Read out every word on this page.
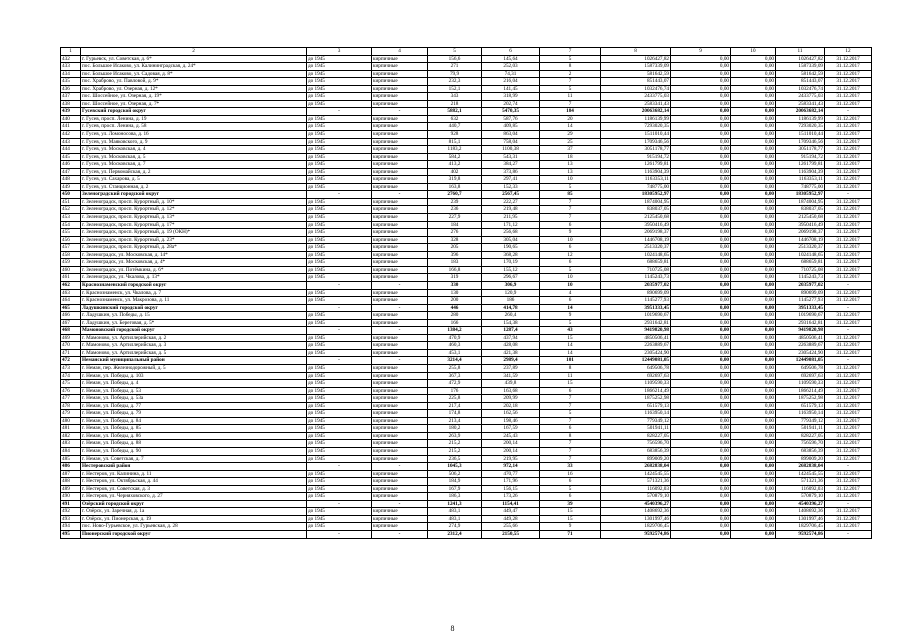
1	2	3	4	5	6	7	8	9	10	11	12
432	г. Гурьевск, ул. Советская, д. 6*	до 1945	кирпичные	156,6	145,64	5	1026427,82	0,00	0,00	1026427,82	31.12.2017
433	пос. Большое Исаково, ул. Калининградская, д. 24*	до 1945	кирпичные	271	252,03	8	1587339,09	0,00	0,00	1587339,09	31.12.2017
434	пос. Большое Исаково, ул. Садовая, д. 8*	до 1945	кирпичные	79,9	74,31	2	581642,59	0,00	0,00	581642,59	31.12.2017
435	пос. Храброво, ул. Павловой, д. 9*	до 1945	кирпичные	232,3	216,04	7	851443,07	0,00	0,00	851443,07	31.12.2017
436	пос. Храброво, ул. Озерная, д. 12*	до 1945	кирпичные	152,1	141,45	5	1032476,74	0,00	0,00	1032476,74	31.12.2017
437	пос. Шоссейное, ул. Озерная, д. 19*	до 1945	кирпичные	343	318,99	11	2433775,03	0,00	0,00	2433775,03	31.12.2017
438	пос. Шоссейное, ул. Озерная, д. 7*	до 1945	кирпичные	218	202,74	7	2583341,43	0,00	0,00	2583341,43	31.12.2017
439	Гусевский городской округ	-	-	5882,1	5470,35	184	20063682,14	0,00	0,00	20063682,14	-
440	г. Гусев, просп. Ленина, д. 19	до 1945	кирпичные	632	587,76	20	1186139,99	0,00	0,00	1186139,99	31.12.2017
441	г. Гусев, просп. Ленина, д. 58	до 1945	кирпичные	440,7	409,85	14	7293020,35	0,00	0,00	7293020,35	31.12.2017
442	г. Гусев, ул. Ломоносова, д. 16	до 1945	кирпичные	928	863,04	29	1511010,44	0,00	0,00	1511010,44	31.12.2017
443	г. Гусев, ул. Маяковского, д. 9	до 1945	кирпичные	815,1	758,04	25	1709346,56	0,00	0,00	1709346,56	31.12.2017
444	г. Гусев, ул. Московская, д. 4	до 1945	кирпичные	1183,2	1100,38	37	3051178,77	0,00	0,00	3051178,77	31.12.2017
445	г. Гусев, ул. Московская, д. 5	до 1945	кирпичные	584,2	543,31	18	915194,72	0,00	0,00	915194,72	31.12.2017
446	г. Гусев, ул. Московская, д. 7	до 1945	кирпичные	413,2	384,27	13	1261799,81	0,00	0,00	1261799,81	31.12.2017
447	г. Гусев, ул. Первомайская, д. 2	до 1945	кирпичные	402	373,86	13	1163904,39	0,00	0,00	1163904,39	31.12.2017
448	г. Гусев, ул. Сахарова, д. 5	до 1945	кирпичные	319,8	297,41	10	1163353,11	0,00	0,00	1163353,11	31.12.2017
449	г. Гусев, ул. Станционная, д. 2	до 1945	кирпичные	163,8	152,33	5	748775,00	0,00	0,00	748775,00	31.12.2017
450	Зеленоградский городской округ	-	-	2760,7	2567,45	85	18305952,97	0,00	0,00	18305952,97	-
451	г. Зеленоградск, просп. Курортный, д. 10*	до 1945	кирпичные	239	222,27	7	1874004,95	0,00	0,00	1874004,95	31.12.2017
452	г. Зеленоградск, просп. Курортный, д. 12*	до 1945	кирпичные	236	219,48	7	838037,05	0,00	0,00	838037,05	31.12.2017
453	г. Зеленоградск, просп. Курортный, д. 13*	до 1945	кирпичные	227,9	211,95	7	2125450,68	0,00	0,00	2125450,68	31.12.2017
454	г. Зеленоградск, просп. Курортный, д. 17*	до 1945	кирпичные	184	171,12	6	3950416,49	0,00	0,00	3950416,49	31.12.2017
455	г. Зеленоградск, просп. Курортный, д. 19 (ОКН)*	до 1945	кирпичные	276	256,68	9	2069198,37	0,00	0,00	2069198,37	31.12.2017
456	г. Зеленоградск, просп. Курортный, д. 23*	до 1945	кирпичные	328	305,04	10	1446708,19	0,00	0,00	1446708,19	31.12.2017
457	г. Зеленоградск, просп. Курортный, д. 28а*	до 1945	кирпичные	205	190,65	6	2513320,37	0,00	0,00	2513320,37	31.12.2017
458	г. Зеленоградск, ул. Московская, д. 14*	до 1945	кирпичные	396	368,28	12	1024148,65	0,00	0,00	1024148,65	31.12.2017
459	г. Зеленоградск, ул. Московская, д. 4*	до 1945	кирпичные	183	170,19	6	688659,81	0,00	0,00	688659,81	31.12.2017
460	г. Зеленоградск, ул. Потёмкина, д. 6*	до 1945	кирпичные	166,8	155,12	5	710725,08	0,00	0,00	710725,08	31.12.2017
461	г. Зеленоградск, ул. Чкалова, д. 13*	до 1945	кирпичные	319	296,67	10	1145243,73	0,00	0,00	1145243,73	31.12.2017
462	Краснознаменский городской округ	-	-	330	306,9	10	2035977,02	0,00	0,00	2035977,02	-
463	г. Краснознаменск, ул. Чкалова, д. 7	до 1945	кирпичные	130	120,9	4	890699,09	0,00	0,00	890699,09	31.12.2017
464	г. Краснознаменск, ул. Макрозова, д. 11	до 1945	кирпичные	200	186	6	1145277,93	0,00	0,00	1145277,93	31.12.2017
465	Ладушкинский городской округ	-	-	446	414,78	14	3951333,45	0,00	0,00	3951333,45	-
466	г. Ладушкин, ул. Победы, д. 15	до 1945	кирпичные	280	260,4	9	1019690,67	0,00	0,00	1019690,67	31.12.2017
467	г. Ладушкин, ул. Береговая, д. 5*	до 1945	кирпичные	166	154,38	5	2931642,81	0,00	0,00	2931642,81	31.12.2017
468	Мамоновский городской округ	-	-	1384,2	1287,4	43	9419820,98	0,00	0,00	9419820,98	-
469	г. Мамоново, ул. Артиллерийская, д. 2	до 1945	кирпичные	470,9	437,94	15	4850506,41	0,00	0,00	4850506,41	31.12.2017
470	г. Мамоново, ул. Артиллерийская, д. 3	до 1945	кирпичные	460,3	428,08	14	2263889,67	0,00	0,00	2263889,67	31.12.2017
471	г. Мамоново, ул. Артиллерийская, д. 5	до 1945	кирпичные	453,1	421,38	14	2305424,90	0,00	0,00	2305424,90	31.12.2017
472	Неманский муниципальный район	-	-	3214,4	2989,4	101	12449081,05	0,00	0,00	12449081,05	-
473	г. Неман, пер. Железнодорожный, д. 5	до 1945	кирпичные	255,8	237,89	8	649506,78	0,00	0,00	649506,78	31.12.2017
474	г. Неман, ул. Победы, д. 103	до 1945	кирпичные	367,3	341,59	11	692697,63	0,00	0,00	692697,63	31.12.2017
475	г. Неман, ул. Победы, д. 4	до 1945	кирпичные	472,9	439,8	15	1109590,33	0,00	0,00	1109590,33	31.12.2017
476	г. Неман, ул. Победы, д. 53	до 1945	кирпичные	176	163,68	6	1866214,49	0,00	0,00	1866214,49	31.12.2017
477	г. Неман, ул. Победы, д. 53а	до 1945	кирпичные	225,8	209,99	7	1875252,98	0,00	0,00	1875252,98	31.12.2017
478	г. Неман, ул. Победы, д. 77	до 1945	кирпичные	217,4	202,18	7	651579,13	0,00	0,00	651579,13	31.12.2017
479	г. Неман, ул. Победы, д. 79	до 1945	кирпичные	174,8	162,56	5	1163950,14	0,00	0,00	1163950,14	31.12.2017
480	г. Неман, ул. Победы, д. 84	до 1945	кирпичные	213,4	198,46	7	779349,12	0,00	0,00	779349,12	31.12.2017
481	г. Неман, ул. Победы, д. 85	до 1945	кирпичные	180,2	167,59	6	501941,11	0,00	0,00	501941,11	31.12.2017
482	г. Неман, ул. Победы, д. 86	до 1945	кирпичные	263,9	245,43	8	828227,05	0,00	0,00	828227,05	31.12.2017
483	г. Неман, ул. Победы, д. 88	до 1945	кирпичные	215,2	200,14	7	756596,70	0,00	0,00	756596,70	31.12.2017
484	г. Неман, ул. Победы, д. 90	до 1945	кирпичные	215,2	200,14	7	683856,39	0,00	0,00	683856,39	31.12.2017
485	г. Неман, ул. Советская, д. 7	до 1945	кирпичные	236,5	219,95	7	899009,20	0,00	0,00	899009,20	31.12.2017
486	Нестеровский район	-	-	1045,3	972,14	33	2682838,04	0,00	0,00	2682838,04	-
487	г. Нестеров, ул. Калинина, д. 11	до 1945	кирпичные	506,2	470,77	16	1424545,55	0,00	0,00	1424545,55	31.12.2017
488	г. Нестеров, ул. Октябрьская, д. 44	до 1945	кирпичные	184,9	171,96	6	571321,36	0,00	0,00	571321,36	31.12.2017
489	г. Нестеров, ул. Советская, д. 3	до 1945	кирпичные	167,9	156,15	5	116092,03	0,00	0,00	116092,03	31.12.2017
490	г. Нестеров, ул. Черняховского, д. 27	до 1945	кирпичные	186,3	173,26	6	570879,10	0,00	0,00	570879,10	31.12.2017
491	Озёрский городской округ	-	-	1241,3	1154,41	39	4540396,27	0,00	0,00	4540396,27	-
492	г. Озёрск, ул. Заречная, д. 1а	до 1945	кирпичные	483,1	449,47	15	1408692,36	0,00	0,00	1408692,36	31.12.2017
493	г. Озёрск, ул. Пионерская, д. 19	до 1945	кирпичные	483,1	449,28	15	1301997,46	0,00	0,00	1301997,46	31.12.2017
494	пос. Ново-Гурьевское, ул. Гурьевская, д. 28	до 1945	кирпичные	274,9	255,66	9	1829706,45	0,00	0,00	1829706,45	31.12.2017
495	Пионерский городской округ	-	-	2312,4	2150,55	71	9592574,86	0,00	0,00	9592574,86	-
8
